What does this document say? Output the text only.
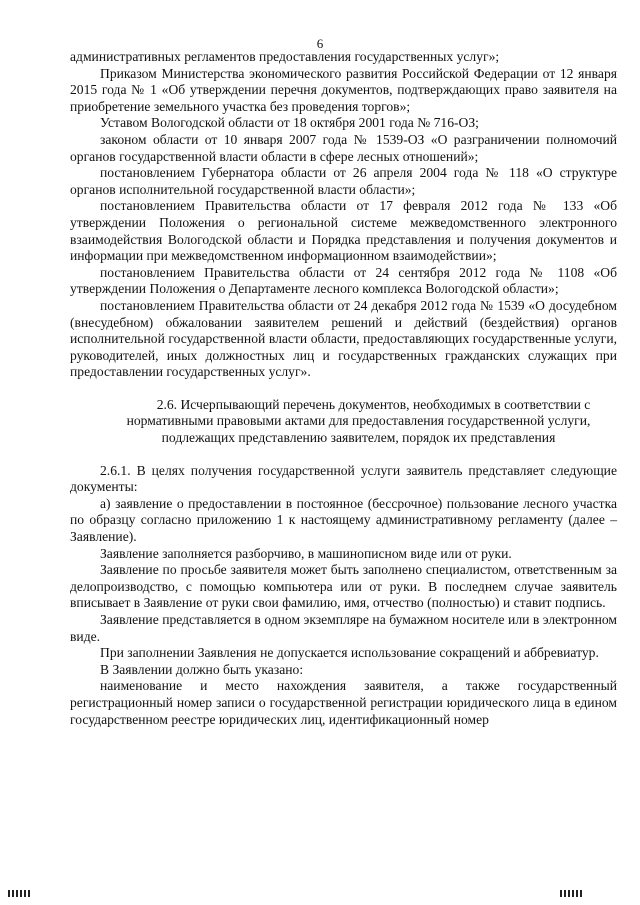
6

административных регламентов предоставления государственных услуг»;

Приказом Министерства экономического развития Российской Федерации от 12 января 2015 года № 1 «Об утверждении перечня документов, подтверждающих право заявителя на приобретение земельного участка без проведения торгов»;

Уставом Вологодской области от 18 октября 2001 года № 716-ОЗ;

законом области от 10 января 2007 года № 1539-ОЗ «О разграничении полномочий органов государственной власти области в сфере лесных отношений»;

постановлением Губернатора области от 26 апреля 2004 года № 118 «О структуре органов исполнительной государственной власти области»;

постановлением Правительства области от 17 февраля 2012 года № 133 «Об утверждении Положения о региональной системе межведомственного электронного взаимодействия Вологодской области и Порядка представления и получения документов и информации при межведомственном информационном взаимодействии»;

постановлением Правительства области от 24 сентября 2012 года № 1108 «Об утверждении Положения о Департаменте лесного комплекса Вологодской области»;

постановлением Правительства области от 24 декабря 2012 года № 1539 «О досудебном (внесудебном) обжаловании заявителем решений и действий (бездействия) органов исполнительной государственной власти области, предоставляющих государственные услуги, руководителей, иных должностных лиц и государственных гражданских служащих при предоставлении государственных услуг».

2.6. Исчерпывающий перечень документов, необходимых в соответствии с нормативными правовыми актами для предоставления государственной услуги, подлежащих представлению заявителем, порядок их представления

2.6.1. В целях получения государственной услуги заявитель представляет следующие документы:

а) заявление о предоставлении в постоянное (бессрочное) пользование лесного участка по образцу согласно приложению 1 к настоящему административному регламенту (далее – Заявление).

Заявление заполняется разборчиво, в машинописном виде или от руки.

Заявление по просьбе заявителя может быть заполнено специалистом, ответственным за делопроизводство, с помощью компьютера или от руки. В последнем случае заявитель вписывает в Заявление от руки свои фамилию, имя, отчество (полностью) и ставит подпись.

Заявление представляется в одном экземпляре на бумажном носителе или в электронном виде.

При заполнении Заявления не допускается использование сокращений и аббревиатур.

В Заявлении должно быть указано:

наименование и место нахождения заявителя, а также государственный регистрационный номер записи о государственной регистрации юридического лица в едином государственном реестре юридических лиц, идентификационный номер
